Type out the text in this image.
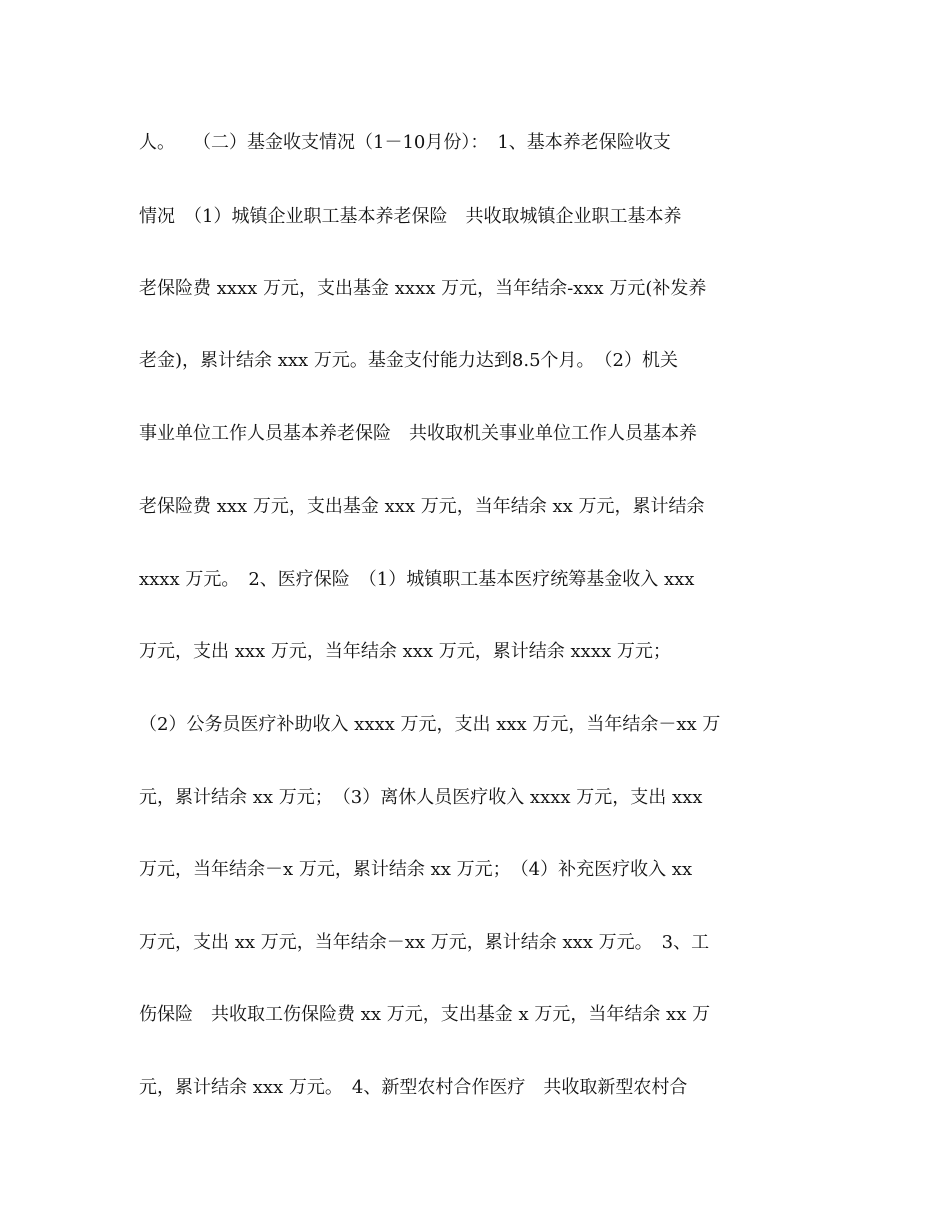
人。　　（二）基金收支情况（1－10月份）：　1、基本养老保险收支
情况　（1）城镇企业职工基本养老保险　共收取城镇企业职工基本养
老保险费 xxxx 万元，支出基金 xxxx 万元，当年结余-xxx 万元(补发养
老金)，累计结余 xxx 万元。基金支付能力达到8.5个月。　（2）机关
事业单位工作人员基本养老保险　共收取机关事业单位工作人员基本养
老保险费 xxx 万元，支出基金 xxx 万元，当年结余 xx 万元，累计结余
xxxx 万元。　2、医疗保险　（1）城镇职工基本医疗统筹基金收入 xxx
万元，支出 xxx 万元，当年结余 xxx 万元，累计结余 xxxx 万元；
（2）公务员医疗补助收入 xxxx 万元，支出 xxx 万元，当年结余－xx 万
元，累计结余 xx 万元；　（3）离休人员医疗收入 xxxx 万元，支出 xxx
万元，当年结余－x 万元，累计结余 xx 万元；　（4）补充医疗收入 xx
万元，支出 xx 万元，当年结余－xx 万元，累计结余 xxx 万元。　3、工
伤保险　共收取工伤保险费 xx 万元，支出基金 x 万元，当年结余 xx 万
元，累计结余 xxx 万元。　4、新型农村合作医疗　共收取新型农村合
